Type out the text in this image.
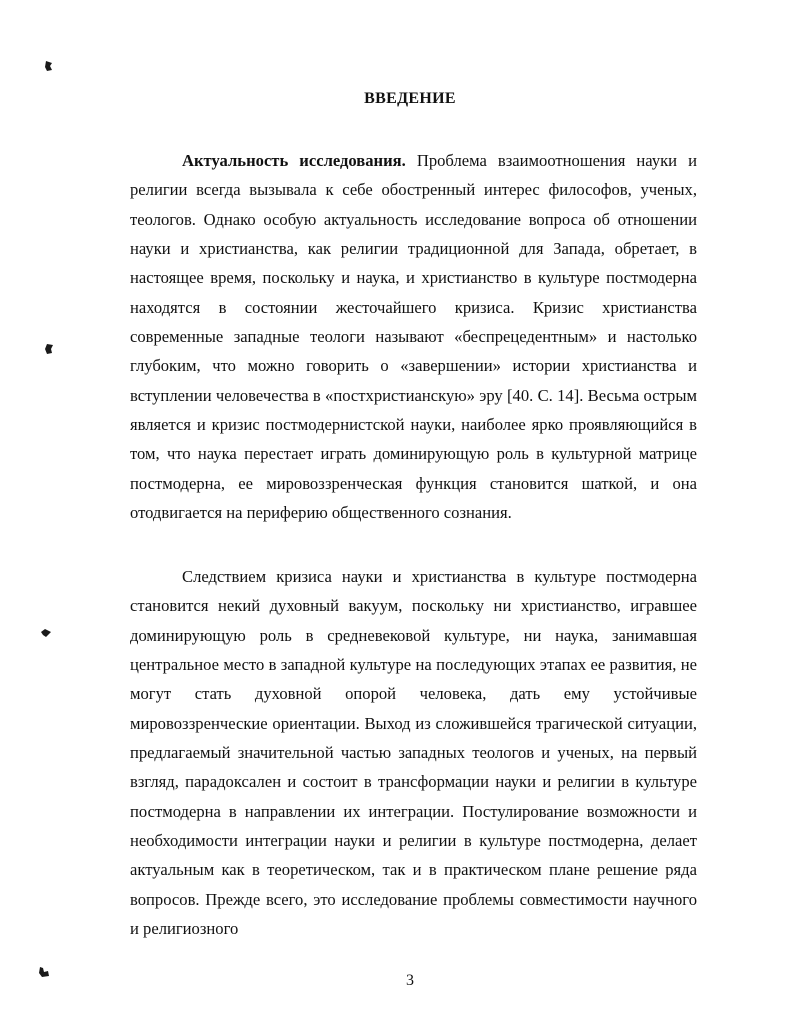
ВВЕДЕНИЕ

Актуальность исследования. Проблема взаимоотношения науки и религии всегда вызывала к себе обостренный интерес философов, ученых, теологов. Однако особую актуальность исследование вопроса об отношении науки и христианства, как религии традиционной для Запада, обретает, в настоящее время, поскольку и наука, и христианство в культуре постмодерна находятся в состоянии жесточайшего кризиса. Кризис христианства современные западные теологи называют «беспрецедентным» и настолько глубоким, что можно говорить о «завершении» истории христианства и вступлении человечества в «постхристианскую» эру [40. С. 14]. Весьма острым является и кризис постмодернистской науки, наиболее ярко проявляющийся в том, что наука перестает играть доминирующую роль в культурной матрице постмодерна, ее мировоззренческая функция становится шаткой, и она отодвигается на периферию общественного сознания.

Следствием кризиса науки и христианства в культуре постмодерна становится некий духовный вакуум, поскольку ни христианство, игравшее доминирующую роль в средневековой культуре, ни наука, занимавшая центральное место в западной культуре на последующих этапах ее развития, не могут стать духовной опорой человека, дать ему устойчивые мировоззренческие ориентации. Выход из сложившейся трагической ситуации, предлагаемый значительной частью западных теологов и ученых, на первый взгляд, парадоксален и состоит в трансформации науки и религии в культуре постмодерна в направлении их интеграции. Постулирование возможности и необходимости интеграции науки и религии в культуре постмодерна, делает актуальным как в теоретическом, так и в практическом плане решение ряда вопросов. Прежде всего, это исследование проблемы совместимости научного и религиозного

3
